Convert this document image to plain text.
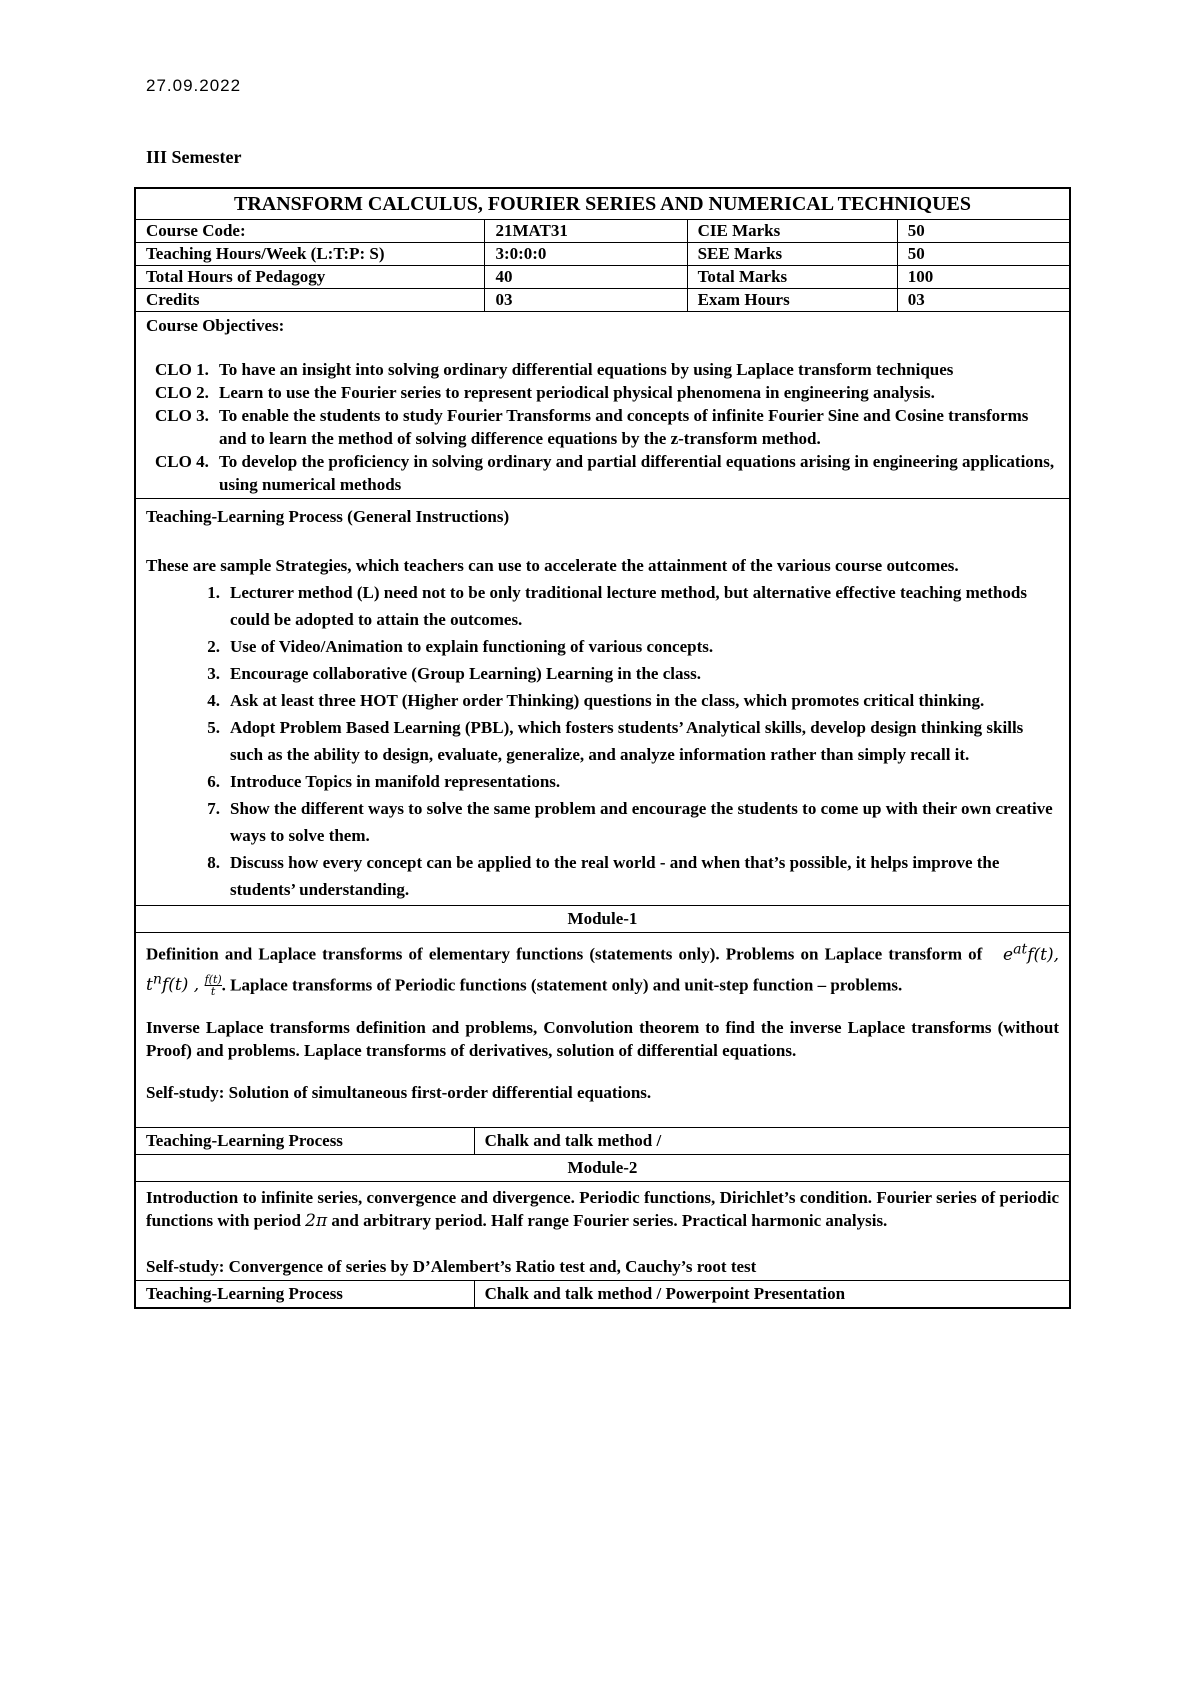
27.09.2022
III Semester
TRANSFORM CALCULUS, FOURIER SERIES AND NUMERICAL TECHNIQUES
Course Code:	21MAT31	CIE Marks	50
Teaching Hours/Week (L:T:P: S)	3:0:0:0	SEE Marks	50
Total Hours of Pedagogy	40	Total Marks	100
Credits	03	Exam Hours	03
Course Objectives:
CLO 1. To have an insight into solving ordinary differential equations by using Laplace transform techniques
CLO 2. Learn to use the Fourier series to represent periodical physical phenomena in engineering analysis.
CLO 3. To enable the students to study Fourier Transforms and concepts of infinite Fourier Sine and Cosine transforms and to learn the method of solving difference equations by the z-transform method.
CLO 4. To develop the proficiency in solving ordinary and partial differential equations arising in engineering applications, using numerical methods
Teaching-Learning Process (General Instructions)
These are sample Strategies, which teachers can use to accelerate the attainment of the various course outcomes.
1. Lecturer method (L) need not to be only traditional lecture method, but alternative effective teaching methods could be adopted to attain the outcomes.
2. Use of Video/Animation to explain functioning of various concepts.
3. Encourage collaborative (Group Learning) Learning in the class.
4. Ask at least three HOT (Higher order Thinking) questions in the class, which promotes critical thinking.
5. Adopt Problem Based Learning (PBL), which fosters students’ Analytical skills, develop design thinking skills such as the ability to design, evaluate, generalize, and analyze information rather than simply recall it.
6. Introduce Topics in manifold representations.
7. Show the different ways to solve the same problem and encourage the students to come up with their own creative ways to solve them.
8. Discuss how every concept can be applied to the real world - and when that’s possible, it helps improve the students’ understanding.
Module-1
Definition and Laplace transforms of elementary functions (statements only). Problems on Laplace transform of $e^{at}f(t)$, $t^nf(t)$ , $\frac{f(t)}{t}$ . Laplace transforms of Periodic functions (statement only) and unit-step function – problems.
Inverse Laplace transforms definition and problems, Convolution theorem to find the inverse Laplace transforms (without Proof) and problems. Laplace transforms of derivatives, solution of differential equations.
Self-study: Solution of simultaneous first-order differential equations.
Teaching-Learning Process	Chalk and talk method /
Module-2
Introduction to infinite series, convergence and divergence. Periodic functions, Dirichlet’s condition. Fourier series of periodic functions with period 2π and arbitrary period. Half range Fourier series. Practical harmonic analysis.
Self-study: Convergence of series by D’Alembert’s Ratio test and, Cauchy’s root test
Teaching-Learning Process	Chalk and talk method / Powerpoint Presentation
